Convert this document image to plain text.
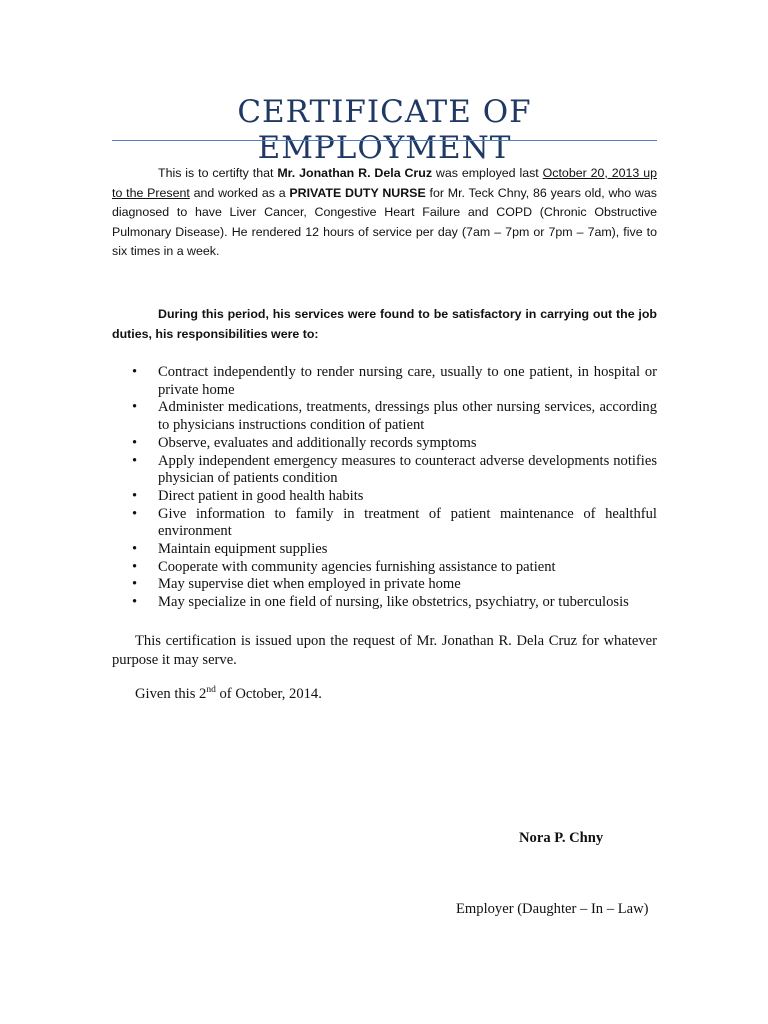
CERTIFICATE OF EMPLOYMENT

This is to certifty that Mr. Jonathan R. Dela Cruz was employed last October 20, 2013 up to the Present and worked as a PRIVATE DUTY NURSE for Mr. Teck Chny, 86 years old, who was diagnosed to have Liver Cancer, Congestive Heart Failure and COPD (Chronic Obstructive Pulmonary Disease). He rendered 12 hours of service per day (7am – 7pm or 7pm – 7am), five to six times in a week.

During this period, his services were found to be satisfactory in carrying out the job duties, his responsibilities were to:

• Contract independently to render nursing care, usually to one patient, in hospital or private home
• Administer medications, treatments, dressings plus other nursing services, according to physicians instructions condition of patient
• Observe, evaluates and additionally records symptoms
• Apply independent emergency measures to counteract adverse developments notifies physician of patients condition
• Direct patient in good health habits
• Give information to family in treatment of patient maintenance of healthful environment
• Maintain equipment supplies
• Cooperate with community agencies furnishing assistance to patient
• May supervise diet when employed in private home
• May specialize in one field of nursing, like obstetrics, psychiatry, or tuberculosis

This certification is issued upon the request of Mr. Jonathan R. Dela Cruz for whatever purpose it may serve.

Given this 2nd of October, 2014.

Nora P. Chny

Employer (Daughter – In – Law)
